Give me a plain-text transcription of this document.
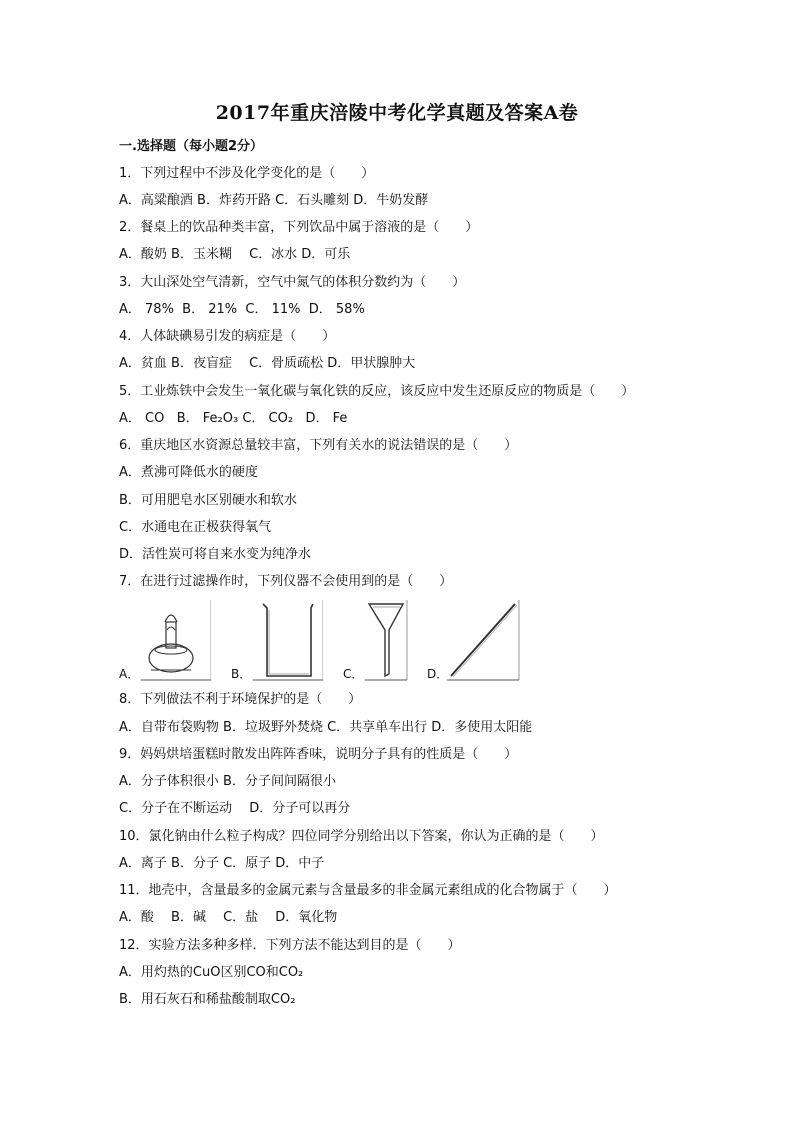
2017年重庆涪陵中考化学真题及答案A卷
一.选择题（每小题2分）
1．下列过程中不涉及化学变化的是（　　）
A．高粱酿酒 B．炸药开路 C．石头雕刻 D．牛奶发酵
2．餐桌上的饮品种类丰富，下列饮品中属于溶液的是（　　）
A．酸奶 B．玉米糊　 C．冰水 D．可乐
3．大山深处空气清新，空气中氮气的体积分数约为（　　）
A． 78%  B． 21%  C． 11%  D． 58%
4．人体缺碘易引发的病症是（　　）
A．贫血 B．夜盲症　 C．骨质疏松 D．甲状腺肿大
5．工业炼铁中会发生一氧化碳与氧化铁的反应，该反应中发生还原反应的物质是（　　）
A． CO   B． Fe₂O₃ C． CO₂   D． Fe
6．重庆地区水资源总量较丰富，下列有关水的说法错误的是（　　）
A．煮沸可降低水的硬度
B．可用肥皂水区别硬水和软水
C．水通电在正极获得氧气
D．活性炭可将自来水变为纯净水
7．在进行过滤操作时，下列仪器不会使用到的是（　　）
A．	B．	C．	D．
8．下列做法不利于环境保护的是（　　）
A．自带布袋购物 B．垃圾野外焚烧 C．共享单车出行 D．多使用太阳能
9．妈妈烘培蛋糕时散发出阵阵香味，说明分子具有的性质是（　　）
A．分子体积很小 B．分子间间隔很小
C．分子在不断运动　 D．分子可以再分
10．氯化钠由什么粒子构成？四位同学分别给出以下答案，你认为正确的是（　　）
A．离子 B．分子 C．原子 D．中子
11．地壳中，含量最多的金属元素与含量最多的非金属元素组成的化合物属于（　　）
A．酸　 B．碱　 C．盐　 D．氧化物
12．实验方法多种多样．下列方法不能达到目的是（　　）
A．用灼热的CuO区别CO和CO₂
B．用石灰石和稀盐酸制取CO₂
